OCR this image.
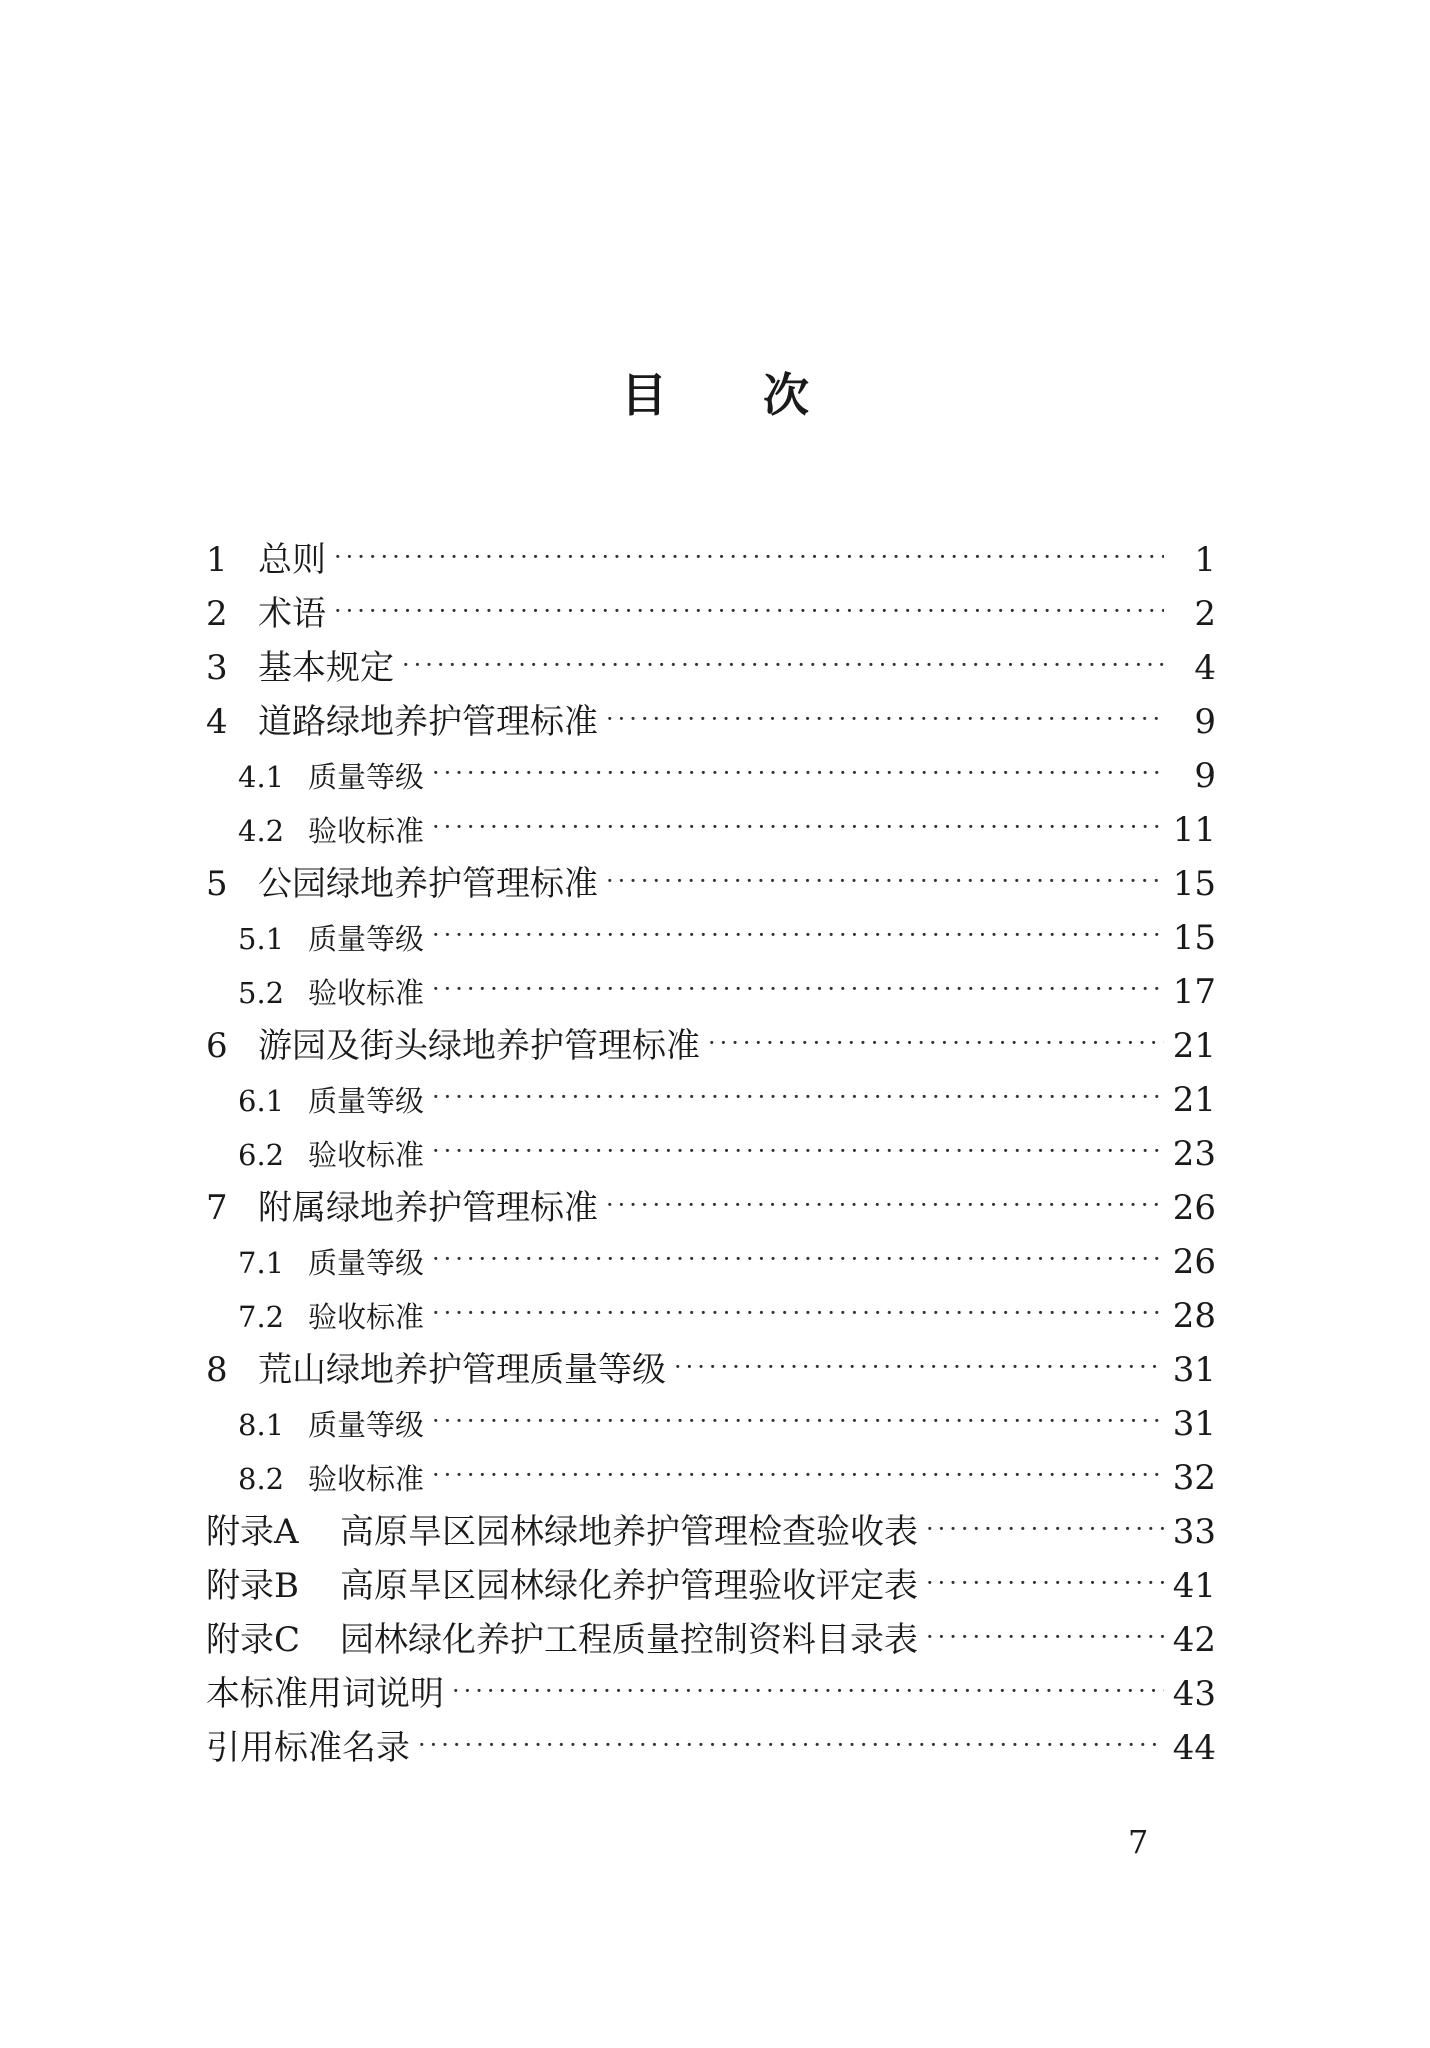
目 次
1 总则 ·····	1
2 术语 ·····	2
3 基本规定 ·····	4
4 道路绿地养护管理标准 ·····	9
4.1 质量等级 ·····	9
4.2 验收标准 ·····	11
5 公园绿地养护管理标准 ·····	15
5.1 质量等级 ·····	15
5.2 验收标准 ·····	17
6 游园及街头绿地养护管理标准 ·····	21
6.1 质量等级 ·····	21
6.2 验收标准 ·····	23
7 附属绿地养护管理标准 ·····	26
7.1 质量等级 ·····	26
7.2 验收标准 ·····	28
8 荒山绿地养护管理质量等级 ·····	31
8.1 质量等级 ·····	31
8.2 验收标准 ·····	32
附录A	高原旱区园林绿地养护管理检查验收表 ·····	33
附录B	高原旱区园林绿化养护管理验收评定表 ·····	41
附录C	园林绿化养护工程质量控制资料目录表 ·····	42
本标准用词说明 ·····	43
引用标准名录 ·····	44
7
